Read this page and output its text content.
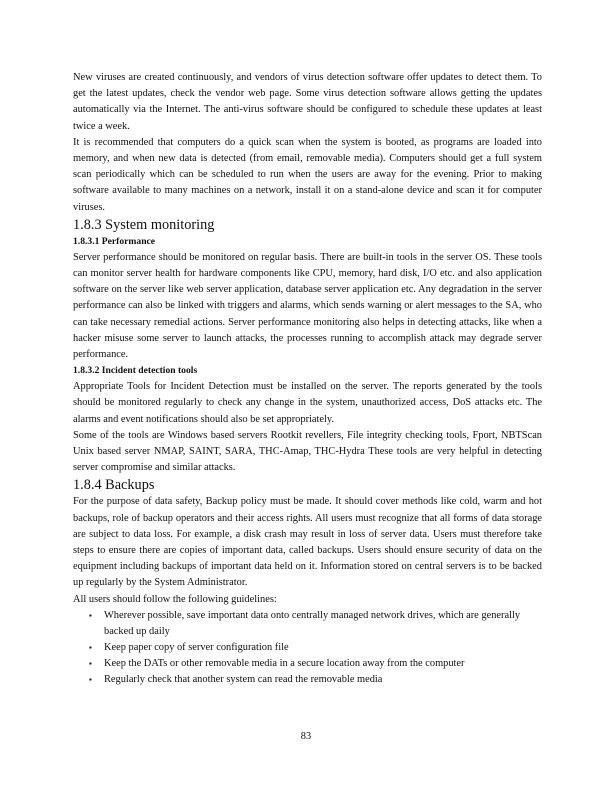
New viruses are created continuously, and vendors of virus detection software offer updates to detect them. To get the latest updates, check the vendor web page. Some virus detection software allows getting the updates automatically via the Internet. The anti-virus software should be configured to schedule these updates at least twice a week.

It is recommended that computers do a quick scan when the system is booted, as programs are loaded into memory, and when new data is detected (from email, removable media). Computers should get a full system scan periodically which can be scheduled to run when the users are away for the evening. Prior to making software available to many machines on a network, install it on a stand-alone device and scan it for computer viruses.

1.8.3 System monitoring
1.8.3.1 Performance

Server performance should be monitored on regular basis. There are built-in tools in the server OS. These tools can monitor server health for hardware components like CPU, memory, hard disk, I/O etc. and also application software on the server like web server application, database server application etc. Any degradation in the server performance can also be linked with triggers and alarms, which sends warning or alert messages to the SA, who can take necessary remedial actions. Server performance monitoring also helps in detecting attacks, like when a hacker misuse some server to launch attacks, the processes running to accomplish attack may degrade server performance.

1.8.3.2 Incident detection tools

Appropriate Tools for Incident Detection must be installed on the server. The reports generated by the tools should be monitored regularly to check any change in the system, unauthorized access, DoS attacks etc. The alarms and event notifications should also be set appropriately.

Some of the tools are Windows based servers Rootkit revellers, File integrity checking tools, Fport, NBTScan Unix based server NMAP, SAINT, SARA, THC-Amap, THC-Hydra These tools are very helpful in detecting server compromise and similar attacks.

1.8.4 Backups

For the purpose of data safety, Backup policy must be made. It should cover methods like cold, warm and hot backups, role of backup operators and their access rights. All users must recognize that all forms of data storage are subject to data loss. For example, a disk crash may result in loss of server data. Users must therefore take steps to ensure there are copies of important data, called backups. Users should ensure security of data on the equipment including backups of important data held on it. Information stored on central servers is to be backed up regularly by the System Administrator.

All users should follow the following guidelines:

▪ Wherever possible, save important data onto centrally managed network drives, which are generally backed up daily
▪ Keep paper copy of server configuration file
▪ Keep the DATs or other removable media in a secure location away from the computer
▪ Regularly check that another system can read the removable media
83
